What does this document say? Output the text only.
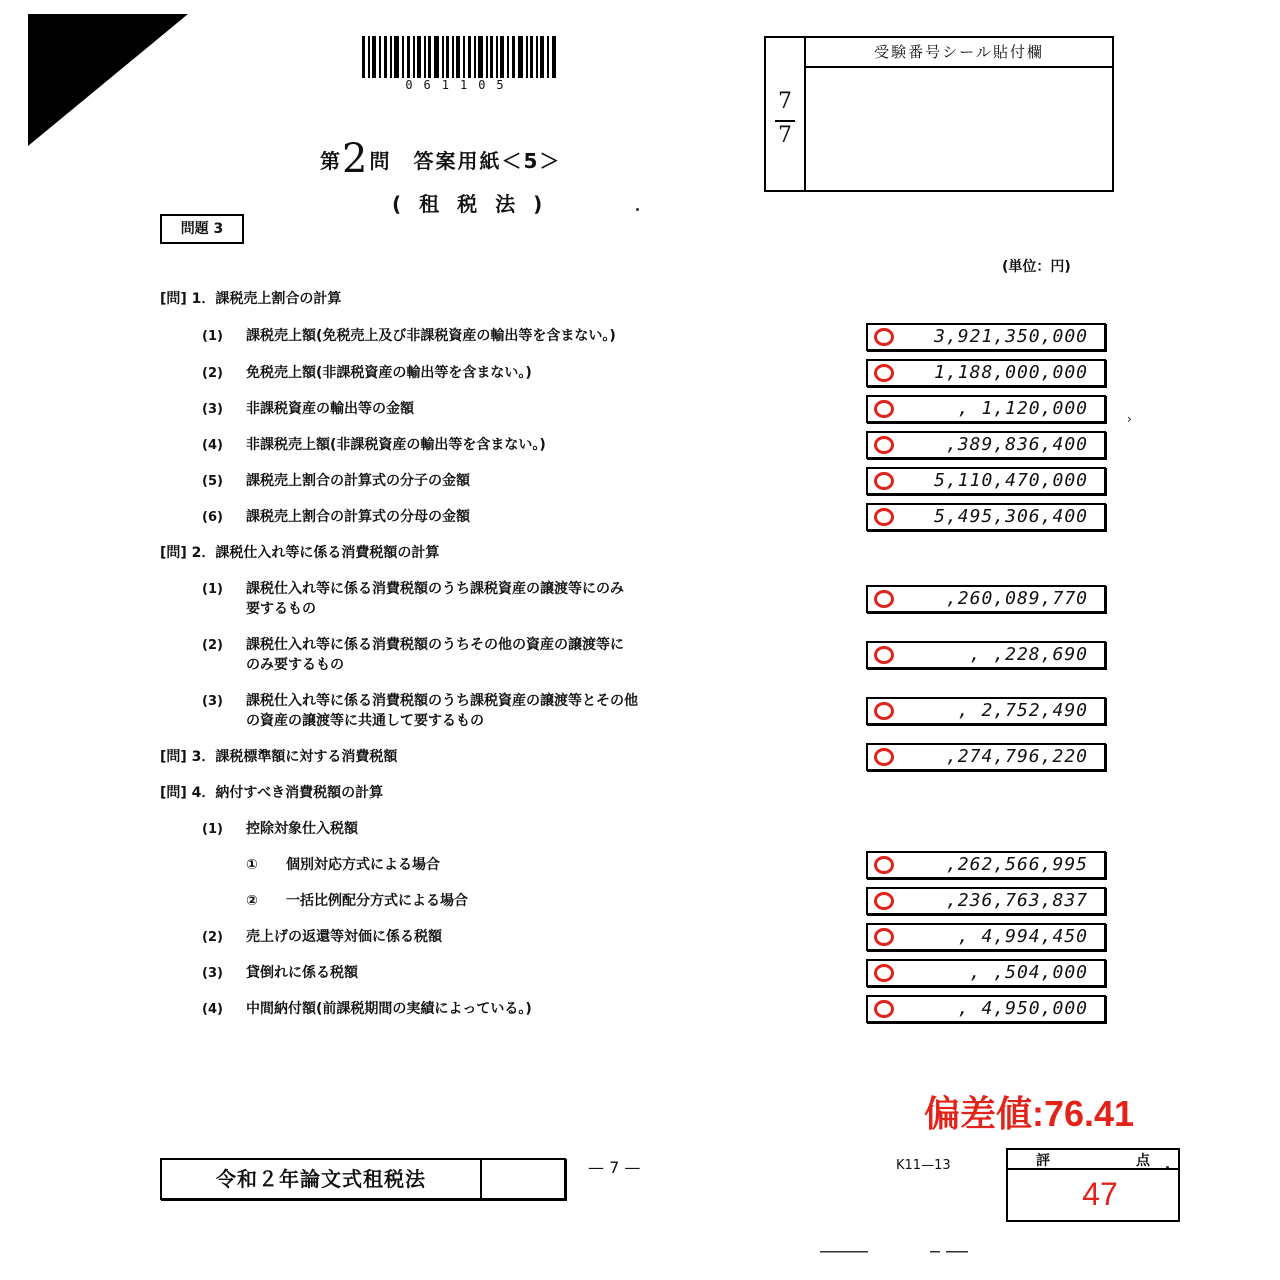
061105
7
7
受験番号シール貼付欄
第2問　答案用紙＜5＞
(租税法)
問題 3
(単位：円)
[問] 1．課税売上割合の計算
(1) 課税売上額(免税売上及び非課税資産の輸出等を含まない。)	3,921,350,000
(2) 免税売上額(非課税資産の輸出等を含まない。)	1,188,000,000
(3) 非課税資産の輸出等の金額	, 1,120,000	›
(4) 非課税売上額(非課税資産の輸出等を含まない。)	,389,836,400
(5) 課税売上割合の計算式の分子の金額	5,110,470,000
(6) 課税売上割合の計算式の分母の金額	5,495,306,400
[問] 2．課税仕入れ等に係る消費税額の計算
(1) 課税仕入れ等に係る消費税額のうち課税資産の譲渡等にのみ
要するもの	,260,089,770
(2) 課税仕入れ等に係る消費税額のうちその他の資産の譲渡等に
のみ要するもの	, ,228,690
(3) 課税仕入れ等に係る消費税額のうち課税資産の譲渡等とその他
の資産の譲渡等に共通して要するもの	, 2,752,490
[問] 3．課税標準額に対する消費税額	,274,796,220
[問] 4．納付すべき消費税額の計算
(1) 控除対象仕入税額
① 個別対応方式による場合	,262,566,995
② 一括比例配分方式による場合	,236,763,837
(2) 売上げの返還等対価に係る税額	, 4,994,450
(3) 貸倒れに係る税額	, ,504,000
(4) 中間納付額(前課税期間の実績によっている。)	, 4,950,000
偏差値:76.41
令和２年論文式租税法	— 7 —	K11—13	評	点
47
